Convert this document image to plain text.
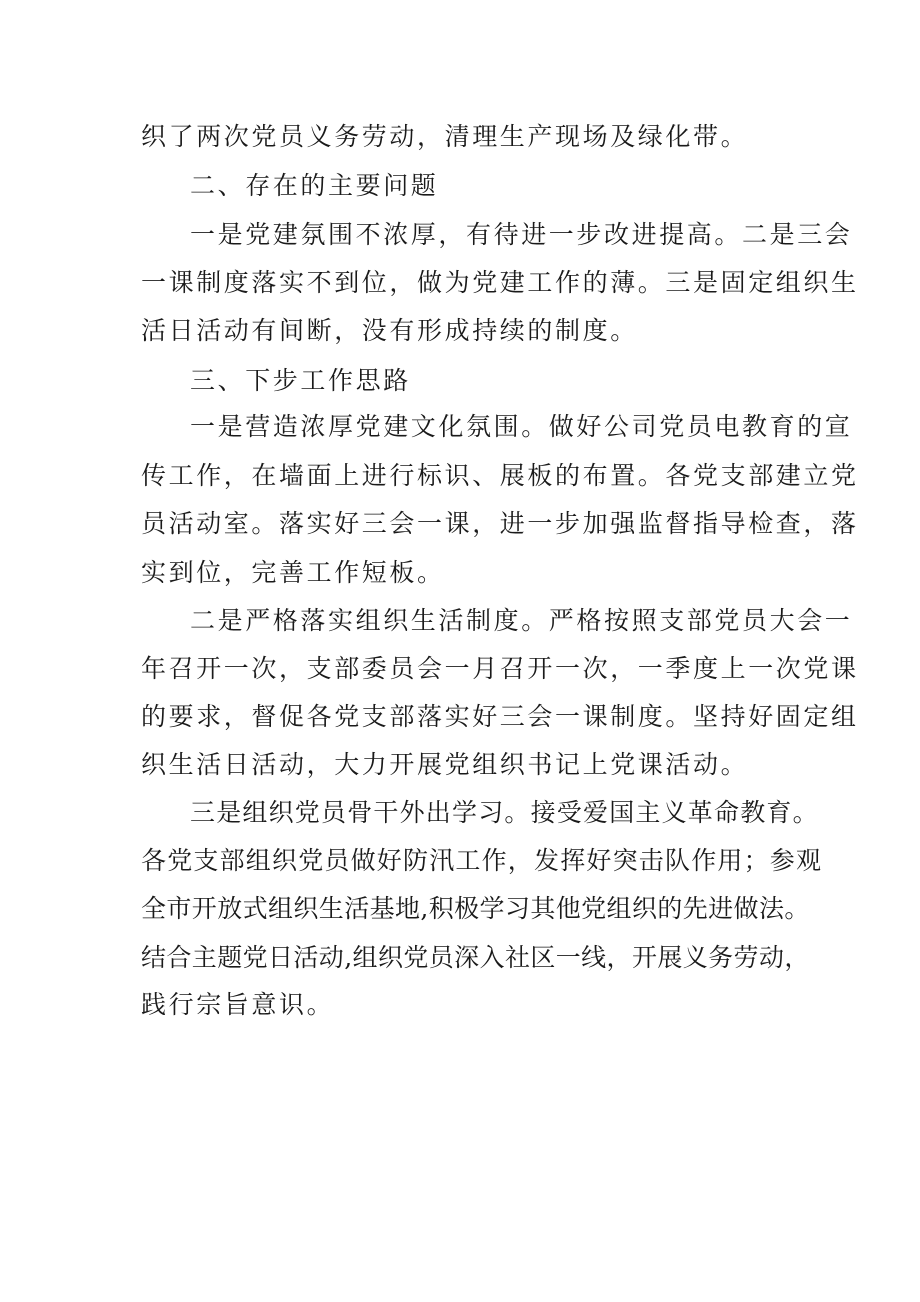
织了两次党员义务劳动，清理生产现场及绿化带。
二、存在的主要问题
一是党建氛围不浓厚，有待进一步改进提高。二是三会
一课制度落实不到位，做为党建工作的薄。三是固定组织生
活日活动有间断，没有形成持续的制度。
三、下步工作思路
一是营造浓厚党建文化氛围。做好公司党员电教育的宣
传工作，在墙面上进行标识、展板的布置。各党支部建立党
员活动室。落实好三会一课，进一步加强监督指导检查，落
实到位，完善工作短板。
二是严格落实组织生活制度。严格按照支部党员大会一
年召开一次，支部委员会一月召开一次，一季度上一次党课
的要求，督促各党支部落实好三会一课制度。坚持好固定组
织生活日活动，大力开展党组织书记上党课活动。
三是组织党员骨干外出学习。接受爱国主义革命教育。
各党支部组织党员做好防汛工作，发挥好突击队作用；参观
全市开放式组织生活基地,积极学习其他党组织的先进做法。
结合主题党日活动,组织党员深入社区一线，开展义务劳动，
践行宗旨意识。
